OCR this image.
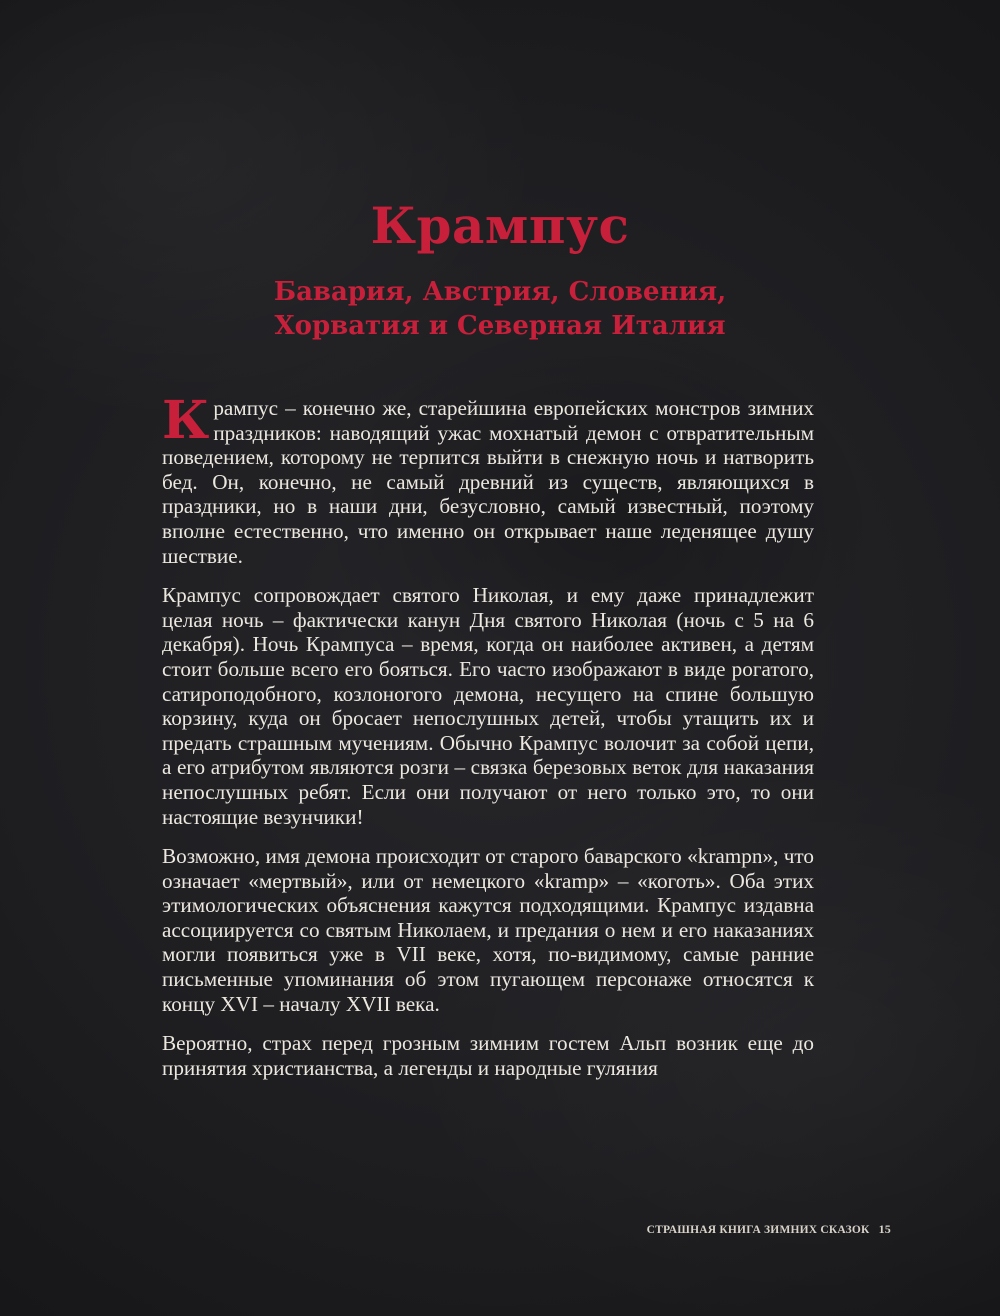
Крампус
Бавария, Австрия, Словения,
Хорватия и Северная Италия

Крампус – конечно же, старейшина европейских монстров зимних праздников: наводящий ужас мохнатый демон с отвратительным поведением, которому не терпится выйти в снежную ночь и натворить бед. Он, конечно, не самый древний из существ, являющихся в праздники, но в наши дни, безусловно, самый известный, поэтому вполне естественно, что именно он открывает наше леденящее душу шествие.

Крампус сопровождает святого Николая, и ему даже принадлежит целая ночь – фактически канун Дня святого Николая (ночь с 5 на 6 декабря). Ночь Крампуса – время, когда он наиболее активен, а детям стоит больше всего его бояться. Его часто изображают в виде рогатого, сатироподобного, козлоногого демона, несущего на спине большую корзину, куда он бросает непослушных детей, чтобы утащить их и предать страшным мучениям. Обычно Крампус волочит за собой цепи, а его атрибутом являются розги – связка березовых веток для наказания непослушных ребят. Если они получают от него только это, то они настоящие везунчики!

Возможно, имя демона происходит от старого баварского «krampn», что означает «мертвый», или от немецкого «kramp» – «коготь». Оба этих этимологических объяснения кажутся подходящими. Крампус издавна ассоциируется со святым Николаем, и предания о нем и его наказаниях могли появиться уже в VII веке, хотя, по-видимому, самые ранние письменные упоминания об этом пугающем персонаже относятся к концу XVI – началу XVII века.

Вероятно, страх перед грозным зимним гостем Альп возник еще до принятия христианства, а легенды и народные гуляния

СТРАШНАЯ КНИГА ЗИМНИХ СКАЗОК 15
